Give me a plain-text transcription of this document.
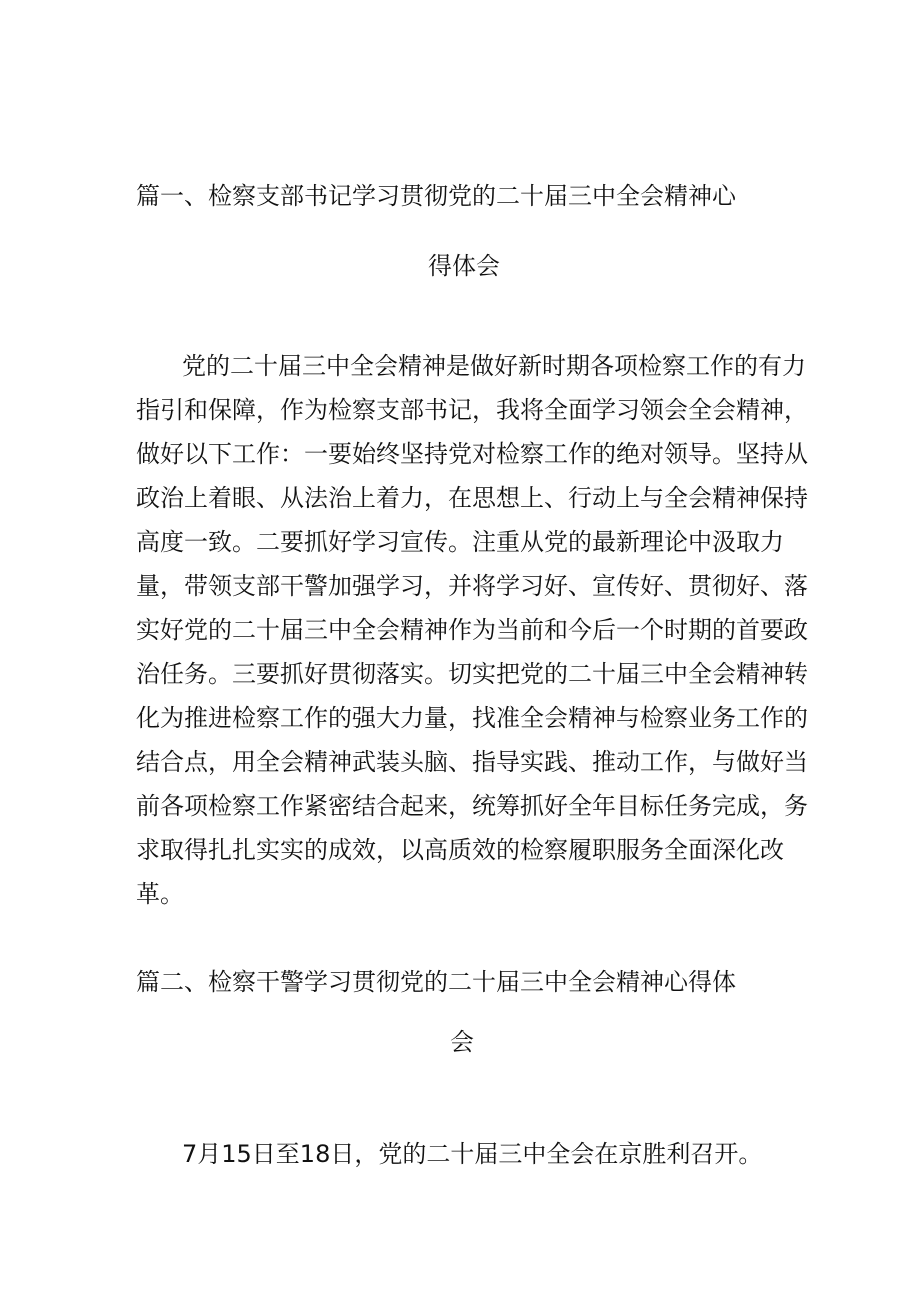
篇一、检察支部书记学习贯彻党的二十届三中全会精神心
得体会
党的二十届三中全会精神是做好新时期各项检察工作的有力
指引和保障，作为检察支部书记，我将全面学习领会全会精神，
做好以下工作：一要始终坚持党对检察工作的绝对领导。坚持从
政治上着眼、从法治上着力，在思想上、行动上与全会精神保持
高度一致。二要抓好学习宣传。注重从党的最新理论中汲取力
量，带领支部干警加强学习，并将学习好、宣传好、贯彻好、落
实好党的二十届三中全会精神作为当前和今后一个时期的首要政
治任务。三要抓好贯彻落实。切实把党的二十届三中全会精神转
化为推进检察工作的强大力量，找准全会精神与检察业务工作的
结合点，用全会精神武装头脑、指导实践、推动工作，与做好当
前各项检察工作紧密结合起来，统筹抓好全年目标任务完成，务
求取得扎扎实实的成效，以高质效的检察履职服务全面深化改
革。
篇二、检察干警学习贯彻党的二十届三中全会精神心得体
会
7月15日至18日，党的二十届三中全会在京胜利召开。
